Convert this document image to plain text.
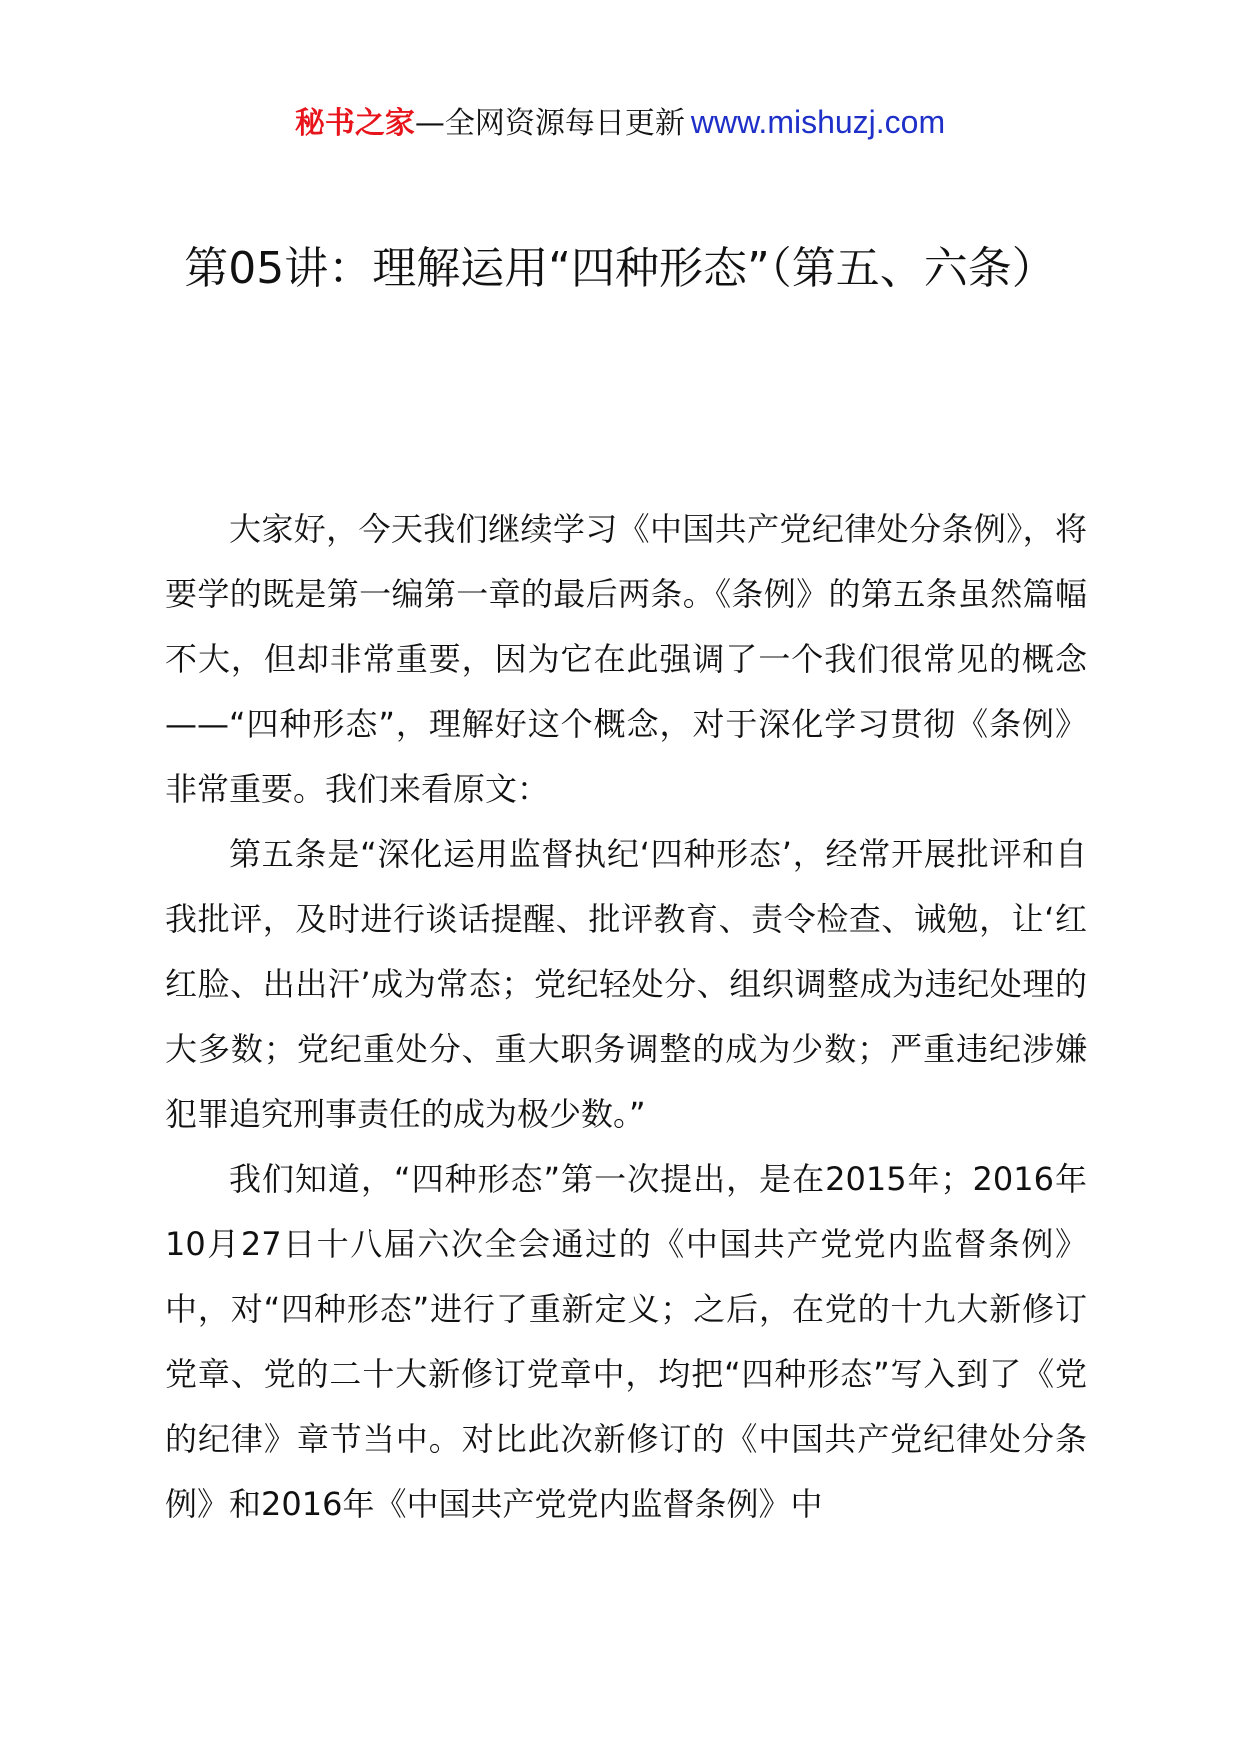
秘书之家—全网资源每日更新 www.mishuzj.com
第05讲：理解运用“四种形态”（第五、六条）

大家好，今天我们继续学习《中国共产党纪律处分条例》，将要学的既是第一编第一章的最后两条。《条例》的第五条虽然篇幅不大，但却非常重要，因为它在此强调了一个我们很常见的概念——“四种形态”，理解好这个概念，对于深化学习贯彻《条例》非常重要。我们来看原文：

第五条是“深化运用监督执纪‘四种形态’，经常开展批评和自我批评，及时进行谈话提醒、批评教育、责令检查、诫勉，让‘红红脸、出出汗’成为常态；党纪轻处分、组织调整成为违纪处理的大多数；党纪重处分、重大职务调整的成为少数；严重违纪涉嫌犯罪追究刑事责任的成为极少数。”

我们知道，“四种形态”第一次提出，是在2015年；2016年10月27日十八届六次全会通过的《中国共产党党内监督条例》中，对“四种形态”进行了重新定义；之后，在党的十九大新修订党章、党的二十大新修订党章中，均把“四种形态”写入到了《党的纪律》章节当中。对比此次新修订的《中国共产党纪律处分条例》和2016年《中国共产党党内监督条例》中
